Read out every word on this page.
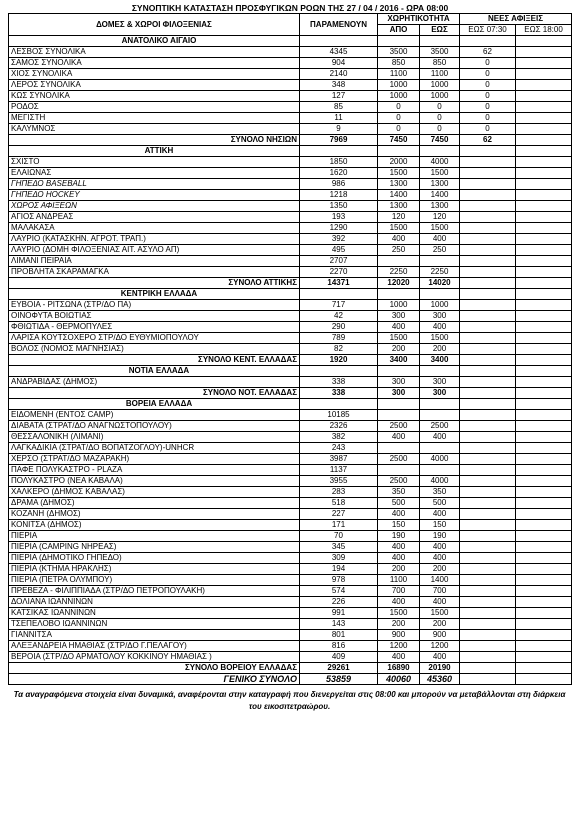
ΣΥΝΟΠΤΙΚΗ ΚΑΤΑΣΤΑΣΗ ΠΡΟΣΦΥΓΙΚΩΝ ΡΟΩΝ ΤΗΣ 27 / 04 / 2016 - ΩΡΑ 08:00					
ΔΟΜΕΣ & ΧΩΡΟΙ ΦΙΛΟΞΕΝΙΑΣ	ΠΑΡΑΜΕΝΟΥΝ	ΧΩΡΗΤΙΚΟΤΗΤΑ		ΝΕΕΣ ΑΦΙΞΕΙΣ	
		ΑΠΟ	ΕΩΣ	ΕΩΣ 07:30	ΕΩΣ 18:00
ΑΝΑΤΟΛΙΚΟ ΑΙΓΑΙΟ					
ΛΕΣΒΟΣ ΣΥΝΟΛΙΚΑ	4345	3500	3500	62	
ΣΑΜΟΣ ΣΥΝΟΛΙΚΑ	904	850	850	0	
ΧΙΟΣ ΣΥΝΟΛΙΚΑ	2140	1100	1100	0	
ΛΕΡΟΣ ΣΥΝΟΛΙΚΑ	348	1000	1000	0	
ΚΩΣ ΣΥΝΟΛΙΚΑ	127	1000	1000	0	
ΡΟΔΟΣ	85	0	0	0	
ΜΕΓΙΣΤΗ	11	0	0	0	
ΚΑΛΥΜΝΟΣ	9	0	0	0	
ΣΥΝΟΛΟ ΝΗΣΙΩΝ	7969	7450	7450	62	
ΑΤΤΙΚΗ					
ΣΧΙΣΤΟ	1850	2000	4000		
ΕΛΑΙΩΝΑΣ	1620	1500	1500		
ΓΗΠΕΔΟ BASEBALL	986	1300	1300		
ΓΗΠΕΔΟ HOCKEY	1218	1400	1400		
ΧΩΡΟΣ ΑΦΙΞΕΩΝ	1350	1300	1300		
ΑΓΙΟΣ ΑΝΔΡΕΑΣ	193	120	120		
ΜΑΛΑΚΑΣΑ	1290	1500	1500		
ΛΑΥΡΙΟ (ΚΑΤΑΣΚΗΝ. ΑΓΡΟΤ. ΤΡΑΠ.)	392	400	400		
ΛΑΥΡΙΟ (ΔΟΜΗ ΦΙΛΟΞΕΝΙΑΣ ΑΙΤ. ΑΣΥΛΟ ΑΠ)	495	250	250		
ΛΙΜΑΝΙ ΠΕΙΡΑΙΑ	2707				
ΠΡΟΒΛΗΤΑ ΣΚΑΡΑΜΑΓΚΑ	2270	2250	2250		
ΣΥΝΟΛΟ ΑΤΤΙΚΗΣ	14371	12020	14020		
ΚΕΝΤΡΙΚΗ ΕΛΛΑΔΑ					
ΕΥΒΟΙΑ - ΡΙΤΣΩΝΑ (ΣΤΡ/ΔΟ ΠΑ)	717	1000	1000		
ΟΙΝΟΦΥΤΑ ΒΟΙΩΤΙΑΣ	42	300	300		
ΦΘΙΩΤΙΔΑ - ΘΕΡΜΟΠΥΛΕΣ	290	400	400		
ΛΑΡΙΣΑ ΚΟΥΤΣΟΧΕΡΟ ΣΤΡ/ΔΟ ΕΥΘΥΜΙΟΠΟΥΛΟΥ	789	1500	1500		
ΒΟΛΟΣ (ΝΟΜΟΣ ΜΑΓΝΗΣΙΑΣ)	82	200	200		
ΣΥΝΟΛΟ ΚΕΝΤ. ΕΛΛΑΔΑΣ	1920	3400	3400		
ΝΟΤΙΑ ΕΛΛΑΔΑ					
ΑΝΔΡΑΒΙΔΑΣ (ΔΗΜΟΣ)	338	300	300		
ΣΥΝΟΛΟ ΝΟΤ. ΕΛΛΑΔΑΣ	338	300	300		
ΒΟΡΕΙΑ ΕΛΛΑΔΑ					
ΕΙΔΟΜΕΝΗ (ΕΝΤΟΣ CAMP)	10185				
ΔΙΑΒΑΤΑ (ΣΤΡΑΤ/ΔΟ ΑΝΑΓΝΩΣΤΟΠΟΥΛΟΥ)	2326	2500	2500		
ΘΕΣΣΑΛΟΝΙΚΗ (ΛΙΜΑΝΙ)	382	400	400		
ΛΑΓΚΑΔΙΚΙΑ (ΣΤΡΑΤ/ΔΟ ΒΟΠΑΤΖΟΓΛΟΥ)-UNHCR	243				
ΧΕΡΣΟ (ΣΤΡΑΤ/ΔΟ ΜΑΖΑΡΑΚΗ)	3987	2500	4000		
ΠΑΦΕ ΠΟΛΥΚΑΣΤΡΟ - PLAZA	1137				
ΠΟΛΥΚΑΣΤΡΟ (ΝΕΑ ΚΑΒΑΛΑ)	3955	2500	4000		
ΧΑΛΚΕΡΟ (ΔΗΜΟΣ ΚΑΒΑΛΑΣ)	283	350	350		
ΔΡΑΜΑ (ΔΗΜΟΣ)	518	500	500		
ΚΟΖΑΝΗ (ΔΗΜΟΣ)	227	400	400		
ΚΟΝΙΤΣΑ (ΔΗΜΟΣ)	171	150	150		
ΠΙΕΡΙΑ	70	190	190		
ΠΙΕΡΙΑ (CAMPING ΝΗΡΕΑΣ)	345	400	400		
ΠΙΕΡΙΑ (ΔΗΜΟΤΙΚΟ ΓΗΠΕΔΟ)	309	400	400		
ΠΙΕΡΙΑ (ΚΤΗΜΑ ΗΡΑΚΛΗΣ)	194	200	200		
ΠΙΕΡΙΑ (ΠΕΤΡΑ ΟΛΥΜΠΟΥ)	978	1100	1400		
ΠΡΕΒΕΖΑ - ΦΙΛΙΠΠΙΑΔΑ (ΣΤΡ/ΔΟ ΠΕΤΡΟΠΟΥΛΑΚΗ)	574	700	700		
ΔΟΛΙΑΝΑ ΙΩΑΝΝΙΝΩΝ	226	400	400		
ΚΑΤΣΙΚΑΣ ΙΩΑΝΝΙΝΩΝ	991	1500	1500		
ΤΣΕΠΕΛΟΒΟ ΙΩΑΝΝΙΝΩΝ	143	200	200		
ΓΙΑΝΝΙΤΣΑ	801	900	900		
ΑΛΕΞΑΝΔΡΕΙΑ ΗΜΑΘΙΑΣ (ΣΤΡ/ΔΟ Γ.ΠΕΛΑΓΟΥ)	816	1200	1200		
ΒΕΡΟΙΑ (ΣΤΡ/ΔΟ ΑΡΜΑΤΟΛΟΥ ΚΟΚΚΙΝΟΥ ΗΜΑΘΙΑΣ )	409	400	400		
ΣΥΝΟΛΟ ΒΟΡΕΙΟΥ ΕΛΛΑΔΑΣ	29261	16890	20190		
ΓΕΝΙΚΟ ΣΥΝΟΛΟ	53859	40060	45360		
Τα αναγραφόμενα στοιχεία είναι δυναμικά, αναφέρονται στην καταγραφή που διενεργείται στις 08:00 και μπορούν να μεταβάλλονται στη διάρκεια του εικοσιτετραώρου.
